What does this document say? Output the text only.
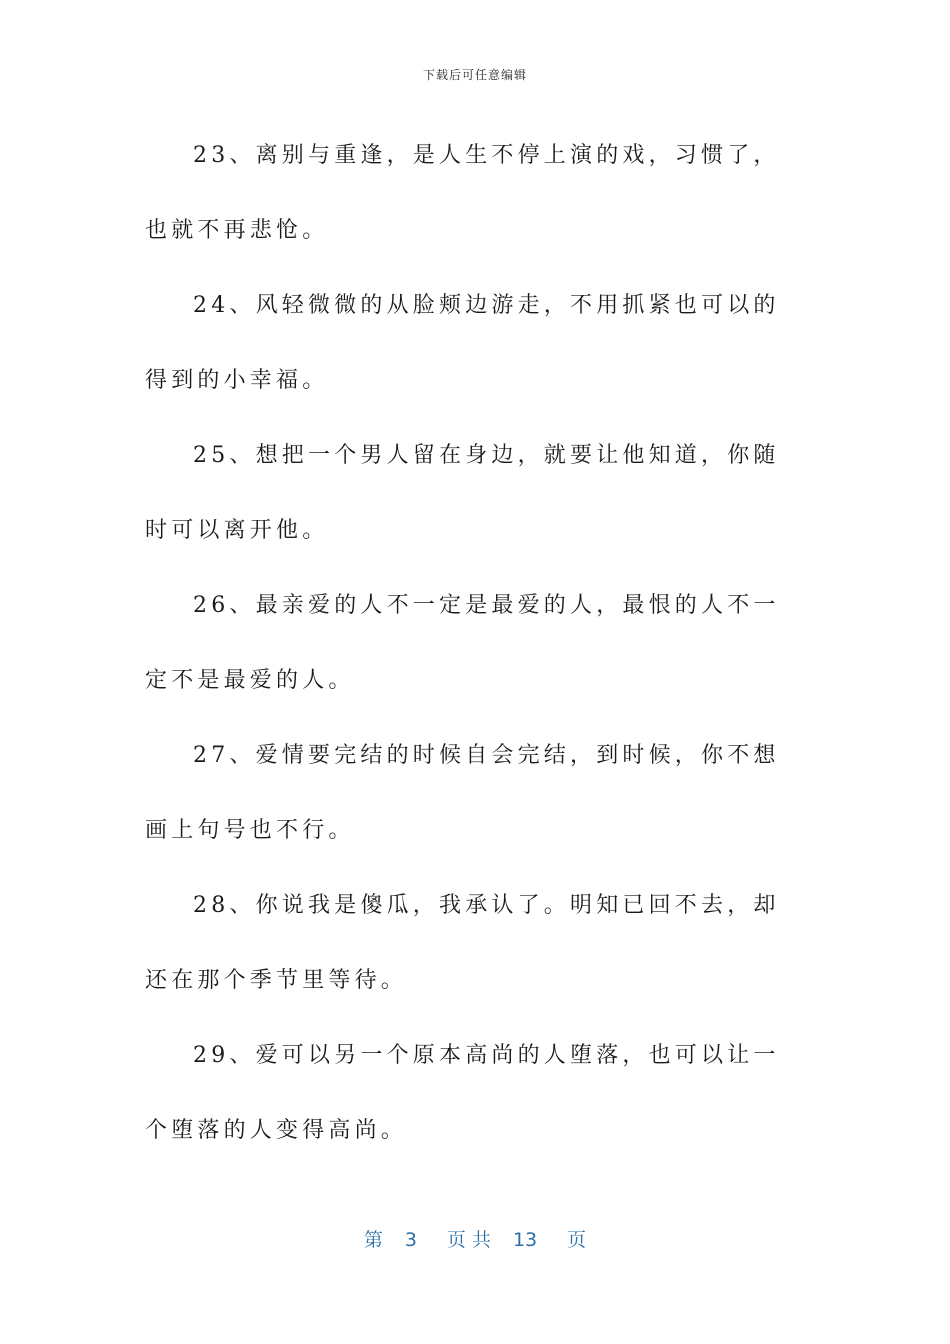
下载后可任意编辑

23、离别与重逢，是人生不停上演的戏，习惯了，也就不再悲怆。

24、风轻微微的从脸颊边游走，不用抓紧也可以的得到的小幸福。

25、想把一个男人留在身边，就要让他知道，你随时可以离开他。

26、最亲爱的人不一定是最爱的人，最恨的人不一定不是最爱的人。

27、爱情要完结的时候自会完结，到时候，你不想画上句号也不行。

28、你说我是傻瓜，我承认了。明知已回不去，却还在那个季节里等待。

29、爱可以另一个原本高尚的人堕落，也可以让一个堕落的人变得高尚。

第 3 页 共 13 页
